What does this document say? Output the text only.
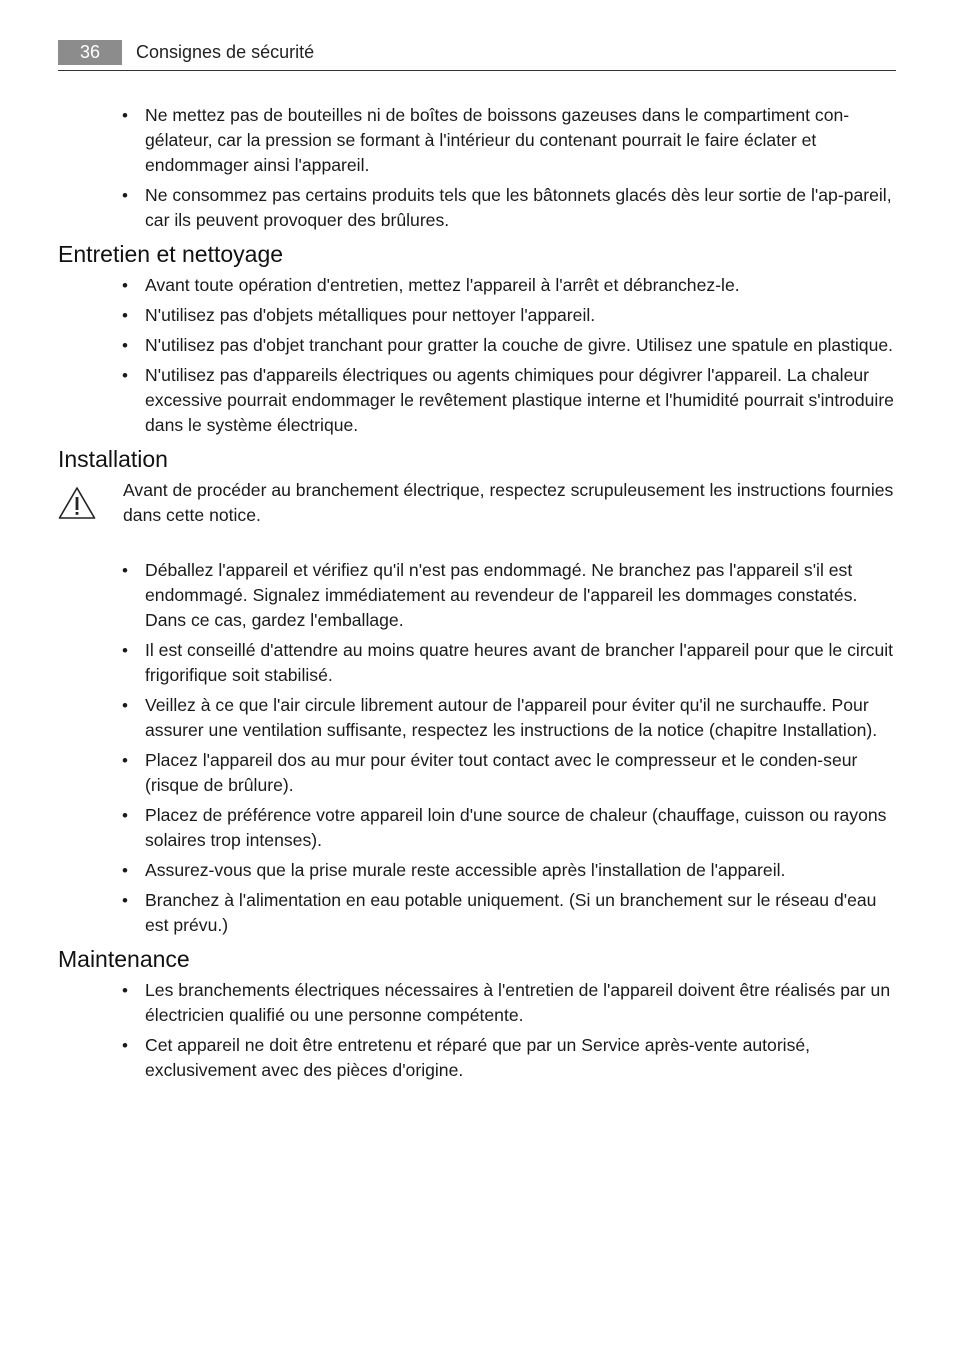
36	Consignes de sécurité
• Ne mettez pas de bouteilles ni de boîtes de boissons gazeuses dans le compartiment con-gélateur, car la pression se formant à l'intérieur du contenant pourrait le faire éclater et endommager ainsi l'appareil.
• Ne consommez pas certains produits tels que les bâtonnets glacés dès leur sortie de l'ap-pareil, car ils peuvent provoquer des brûlures.
Entretien et nettoyage
• Avant toute opération d'entretien, mettez l'appareil à l'arrêt et débranchez-le.
• N'utilisez pas d'objets métalliques pour nettoyer l'appareil.
• N'utilisez pas d'objet tranchant pour gratter la couche de givre. Utilisez une spatule en plastique.
• N'utilisez pas d'appareils électriques ou agents chimiques pour dégivrer l'appareil. La chaleur excessive pourrait endommager le revêtement plastique interne et l'humidité pourrait s'introduire dans le système électrique.
Installation
Avant de procéder au branchement électrique, respectez scrupuleusement les instructions fournies dans cette notice.
• Déballez l'appareil et vérifiez qu'il n'est pas endommagé. Ne branchez pas l'appareil s'il est endommagé. Signalez immédiatement au revendeur de l'appareil les dommages constatés. Dans ce cas, gardez l'emballage.
• Il est conseillé d'attendre au moins quatre heures avant de brancher l'appareil pour que le circuit frigorifique soit stabilisé.
• Veillez à ce que l'air circule librement autour de l'appareil pour éviter qu'il ne surchauffe. Pour assurer une ventilation suffisante, respectez les instructions de la notice (chapitre Installation).
• Placez l'appareil dos au mur pour éviter tout contact avec le compresseur et le conden-seur (risque de brûlure).
• Placez de préférence votre appareil loin d'une source de chaleur (chauffage, cuisson ou rayons solaires trop intenses).
• Assurez-vous que la prise murale reste accessible après l'installation de l'appareil.
• Branchez à l'alimentation en eau potable uniquement. (Si un branchement sur le réseau d'eau est prévu.)
Maintenance
• Les branchements électriques nécessaires à l'entretien de l'appareil doivent être réalisés par un électricien qualifié ou une personne compétente.
• Cet appareil ne doit être entretenu et réparé que par un Service après-vente autorisé, exclusivement avec des pièces d'origine.
